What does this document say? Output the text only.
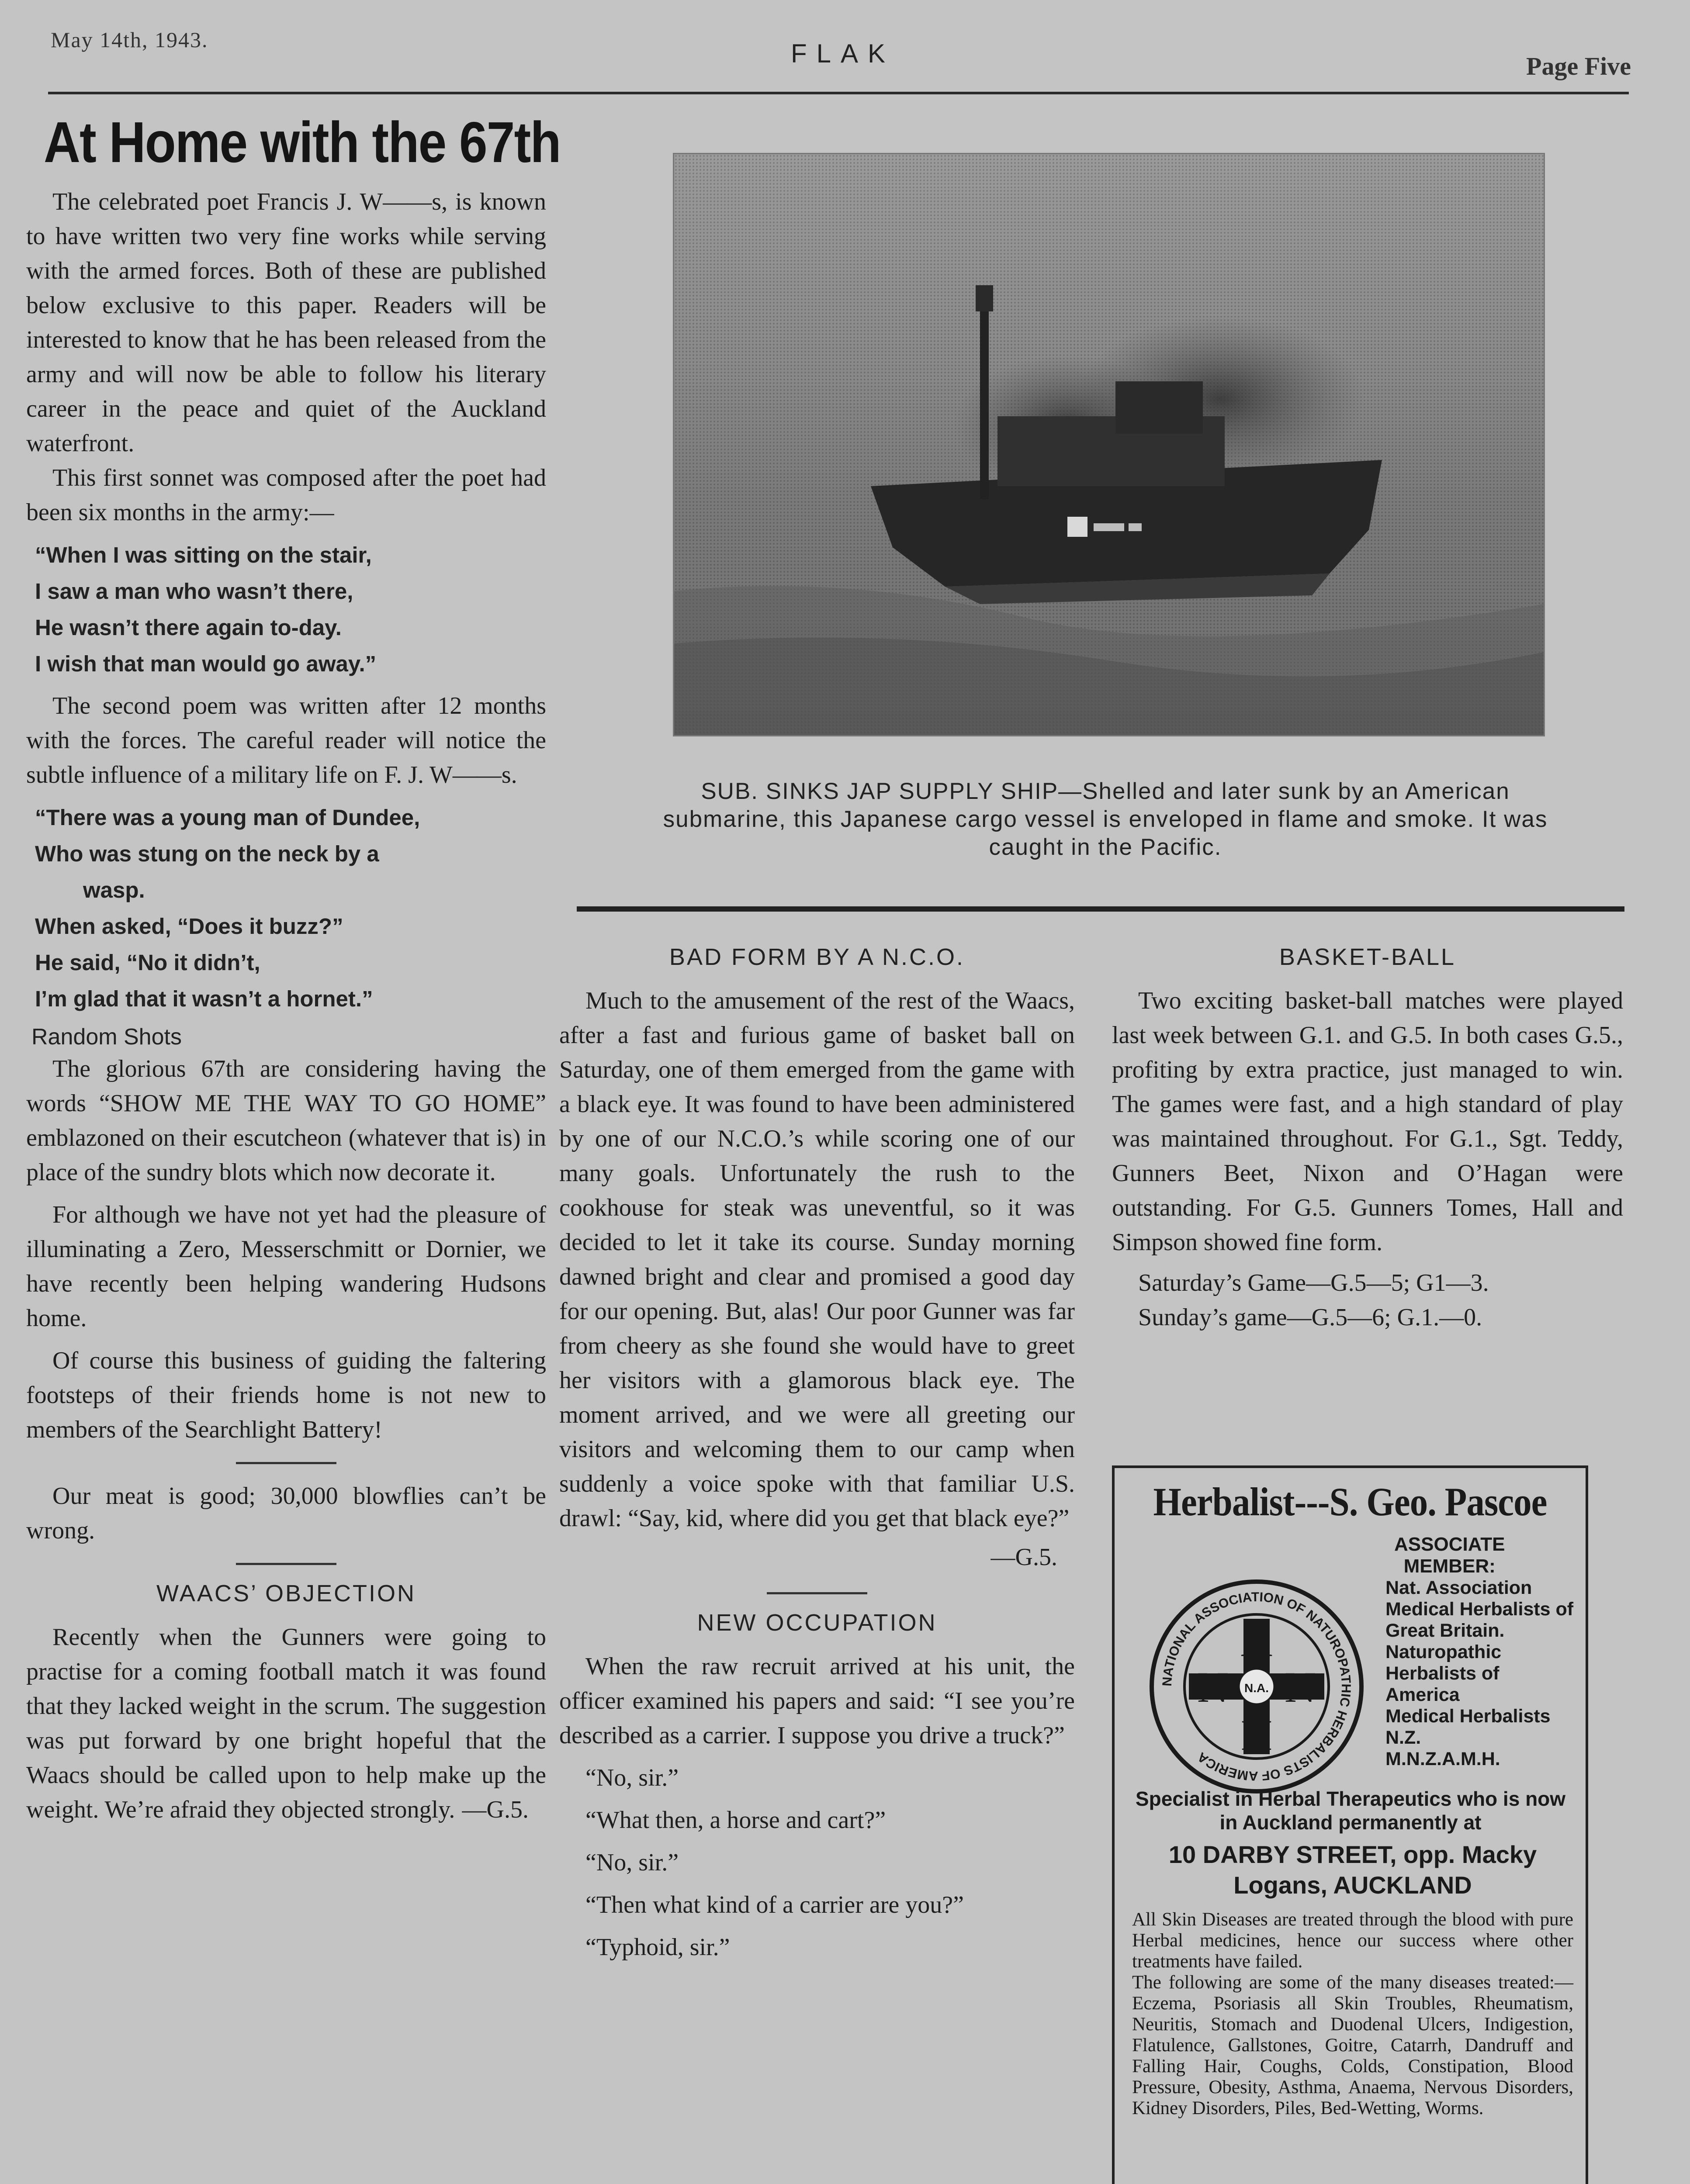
May 14th, 1943.	FLAK	Page Five
At Home with the 67th

The celebrated poet Francis J. W——s, is known to have written two very fine works while serving with the armed forces. Both of these are published below exclusive to this paper. Readers will be interested to know that he has been released from the army and will now be able to follow his literary career in the peace and quiet of the Auckland waterfront.

This first sonnet was composed after the poet had been six months in the army:—

“When I was sitting on the stair,
I saw a man who wasn’t there,
He wasn’t there again to-day.
I wish that man would go away.”

The second poem was written after 12 months with the forces. The careful reader will notice the subtle influence of a military life on F. J. W——s.

“There was a young man of Dundee,
Who was stung on the neck by a
wasp.
When asked, “Does it buzz?”
He said, “No it didn’t,
I’m glad that it wasn’t a hornet.”
Random Shots

The glorious 67th are considering having the words “SHOW ME THE WAY TO GO HOME” emblazoned on their escutcheon (whatever that is) in place of the sundry blots which now decorate it.

For although we have not yet had the pleasure of illuminating a Zero, Messerschmitt or Dornier, we have recently been helping wandering Hudsons home.

Of course this business of guiding the faltering footsteps of their friends home is not new to members of the Searchlight Battery!

Our meat is good; 30,000 blowflies can’t be wrong.

WAACS’ OBJECTION

Recently when the Gunners were going to practise for a coming football match it was found that they lacked weight in the scrum. The suggestion was put forward by one bright hopeful that the Waacs should be called upon to help make up the weight. We’re afraid they objected strongly. —G.5.
SUB. SINKS JAP SUPPLY SHIP—Shelled and later sunk by an American submarine, this Japanese cargo vessel is enveloped in flame and smoke. It was caught in the Pacific.
BAD FORM BY A N.C.O.

Much to the amusement of the rest of the Waacs, after a fast and furious game of basket ball on Saturday, one of them emerged from the game with a black eye. It was found to have been administered by one of our N.C.O.’s while scoring one of our many goals. Unfortunately the rush to the cookhouse for steak was uneventful, so it was decided to let it take its course. Sunday morning dawned bright and clear and promised a good day for our opening. But, alas! Our poor Gunner was far from cheery as she found she would have to greet her visitors with a glamorous black eye. The moment arrived, and we were all greeting our visitors and welcoming them to our camp when suddenly a voice spoke with that familiar U.S. drawl: “Say, kid, where did you get that black eye?”

—G.5.
NEW OCCUPATION

When the raw recruit arrived at his unit, the officer examined his papers and said: “I see you’re described as a carrier. I suppose you drive a truck?”

“No, sir.”

“What then, a horse and cart?”

“No, sir.”

“Then what kind of a carrier are you?”

“Typhoid, sir.”

BASKET-BALL

Two exciting basket-ball matches were played last week between G.1. and G.5. In both cases G.5., profiting by extra practice, just managed to win. The games were fast, and a high standard of play was maintained throughout. For G.1., Sgt. Teddy, Gunners Beet, Nixon and O’Hagan were outstanding. For G.5. Gunners Tomes, Hall and Simpson showed fine form.

Saturday’s Game—G.5—5; G1—3.
Sunday’s game—G.5—6; G.1.—0.
Herbalist---S. Geo. Pascoe
ASSOCIATE
MEMBER:
Nat. Association Medical Herbalists of Great Britain.
Naturopathic Herbalists of America
Medical Herbalists N.Z.
M.N.Z.A.M.H.
NATIONAL ASSOCIATION OF NATUROPATHIC HERBALISTS OF AMERICA
A
N N
H
N.A.
Specialist in Herbal Therapeutics who is now in Auckland permanently at
10 DARBY STREET, opp. Macky Logans, AUCKLAND
All Skin Diseases are treated through the blood with pure Herbal medicines, hence our success where other treatments have failed.
The following are some of the many diseases treated:— Eczema, Psoriasis all Skin Troubles, Rheumatism, Neuritis, Stomach and Duodenal Ulcers, Indigestion, Flatulence, Gallstones, Goitre, Catarrh, Dandruff and Falling Hair, Coughs, Colds, Constipation, Blood Pressure, Obesity, Asthma, Anaema, Nervous Disorders, Kidney Disorders, Piles, Bed-Wetting, Worms.
